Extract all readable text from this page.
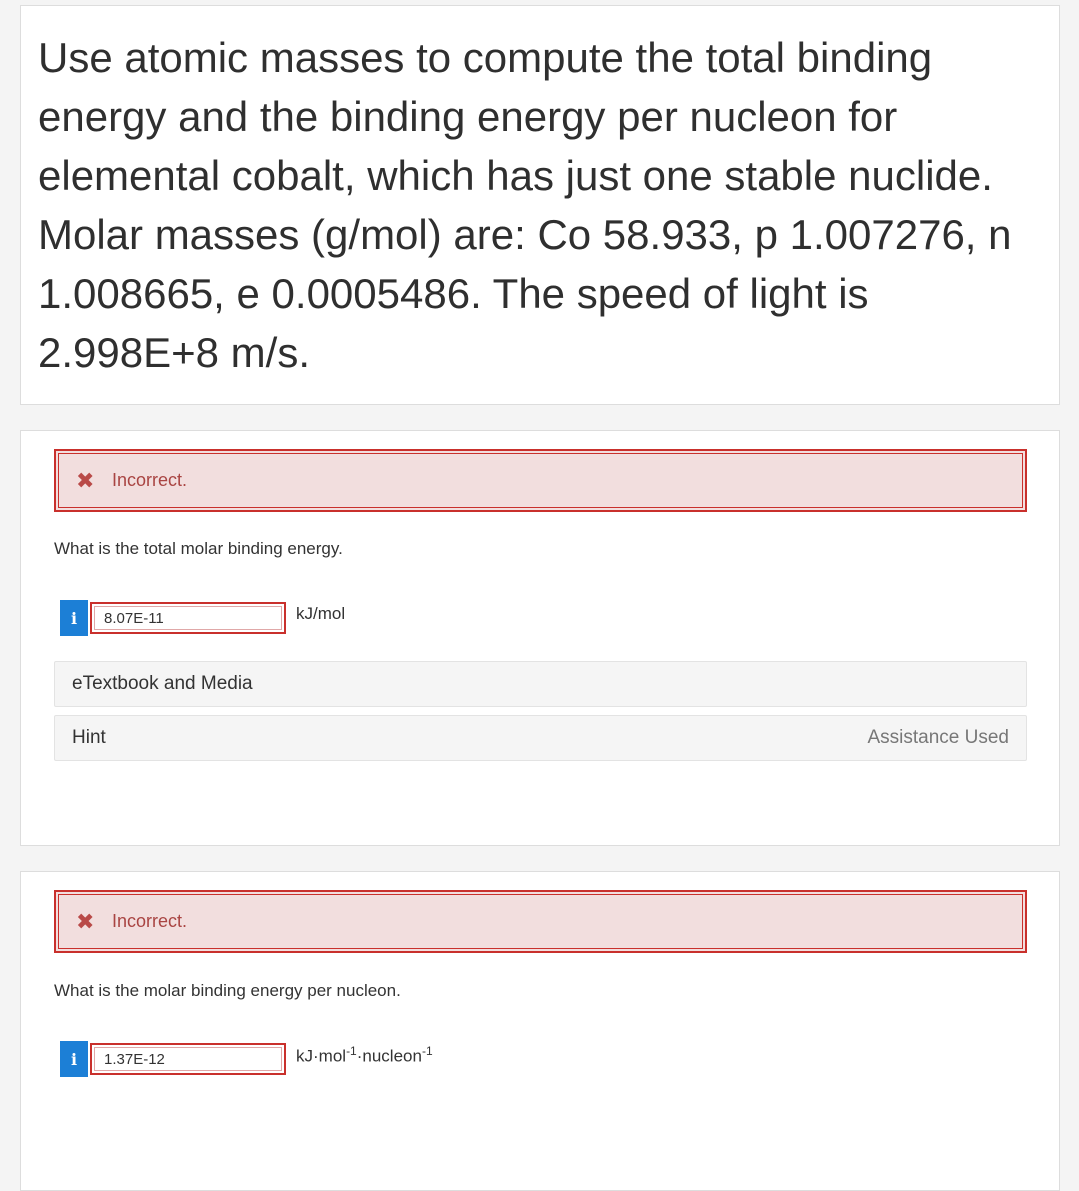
Use atomic masses to compute the total binding energy and the binding energy per nucleon for elemental cobalt, which has just one stable nuclide. Molar masses (g/mol) are: Co 58.933, p 1.007276, n 1.008665, e 0.0005486. The speed of light is 2.998E+8 m/s.

✖ Incorrect.
What is the total molar binding energy.
i
8.07E-11	kJ/mol
eTextbook and Media
Hint	Assistance Used
✖ Incorrect.
What is the molar binding energy per nucleon.
i
1.37E-12	kJ·mol$^{-1}$·nucleon$^{-1}$
